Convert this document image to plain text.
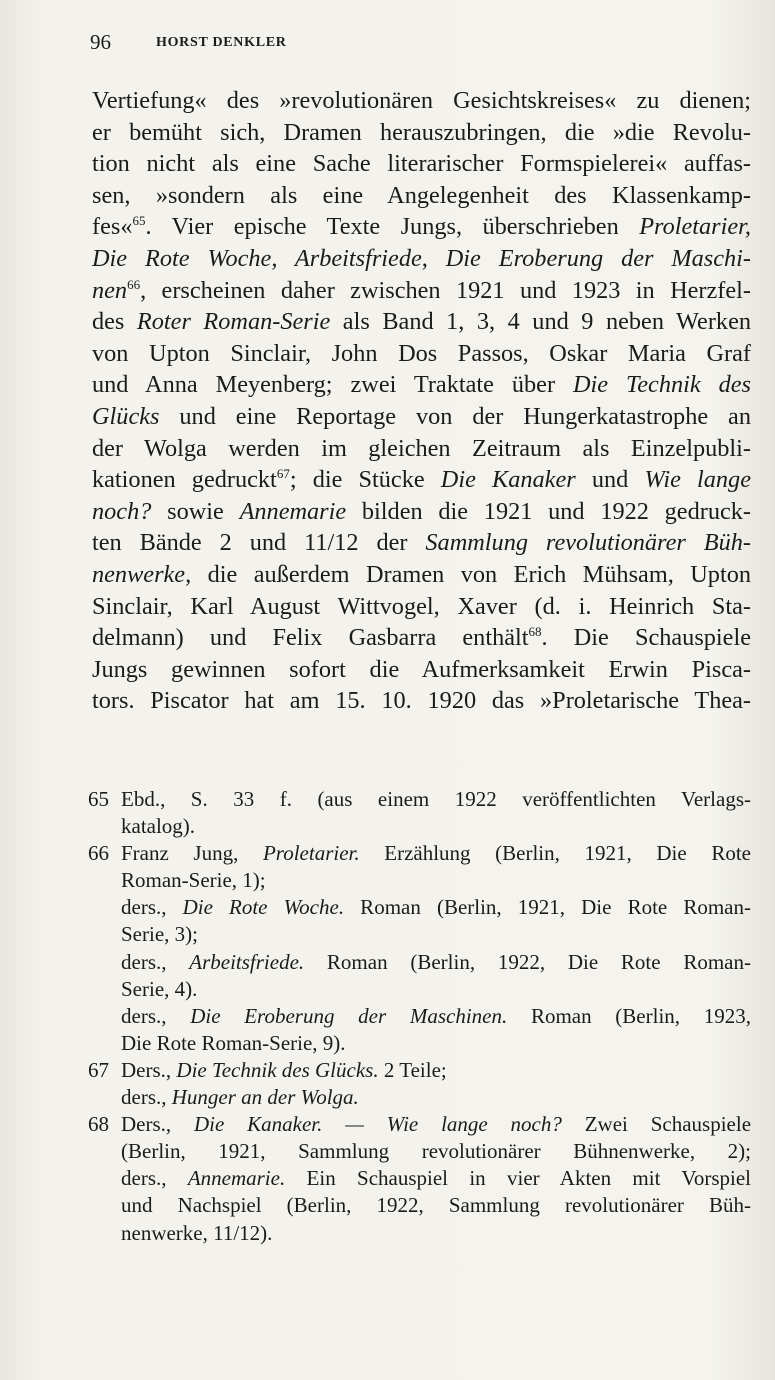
96	HORST DENKLER
Vertiefung« des »revolutionären Gesichtskreises« zu dienen;
er bemüht sich, Dramen herauszubringen, die »die Revolu-
tion nicht als eine Sache literarischer Formspielerei« auffas-
sen, »sondern als eine Angelegenheit des Klassenkamp-
fes«$^{65}$. Vier epische Texte Jungs, überschrieben Proletarier,
Die Rote Woche, Arbeitsfriede, Die Eroberung der Maschi-
nen$^{66}$, erscheinen daher zwischen 1921 und 1923 in Herzfel-
des Roter Roman-Serie als Band 1, 3, 4 und 9 neben Werken
von Upton Sinclair, John Dos Passos, Oskar Maria Graf
und Anna Meyenberg; zwei Traktate über Die Technik des
Glücks und eine Reportage von der Hungerkatastrophe an
der Wolga werden im gleichen Zeitraum als Einzelpubli-
kationen gedruckt$^{67}$; die Stücke Die Kanaker und Wie lange
noch? sowie Annemarie bilden die 1921 und 1922 gedruck-
ten Bände 2 und 11/12 der Sammlung revolutionärer Büh-
nenwerke, die außerdem Dramen von Erich Mühsam, Upton
Sinclair, Karl August Wittvogel, Xaver (d. i. Heinrich Sta-
delmann) und Felix Gasbarra enthält$^{68}$. Die Schauspiele
Jungs gewinnen sofort die Aufmerksamkeit Erwin Pisca-
tors. Piscator hat am 15. 10. 1920 das »Proletarische Thea-
65 Ebd., S. 33 f. (aus einem 1922 veröffentlichten Verlags-
katalog).
66 Franz Jung, Proletarier. Erzählung (Berlin, 1921, Die Rote
Roman-Serie, 1);
ders., Die Rote Woche. Roman (Berlin, 1921, Die Rote Roman-
Serie, 3);
ders., Arbeitsfriede. Roman (Berlin, 1922, Die Rote Roman-
Serie, 4).
ders., Die Eroberung der Maschinen. Roman (Berlin, 1923,
Die Rote Roman-Serie, 9).
67 Ders., Die Technik des Glücks. 2 Teile;
ders., Hunger an der Wolga.
68 Ders., Die Kanaker. — Wie lange noch? Zwei Schauspiele
(Berlin, 1921, Sammlung revolutionärer Bühnenwerke, 2);
ders., Annemarie. Ein Schauspiel in vier Akten mit Vorspiel
und Nachspiel (Berlin, 1922, Sammlung revolutionärer Büh-
nenwerke, 11/12).
